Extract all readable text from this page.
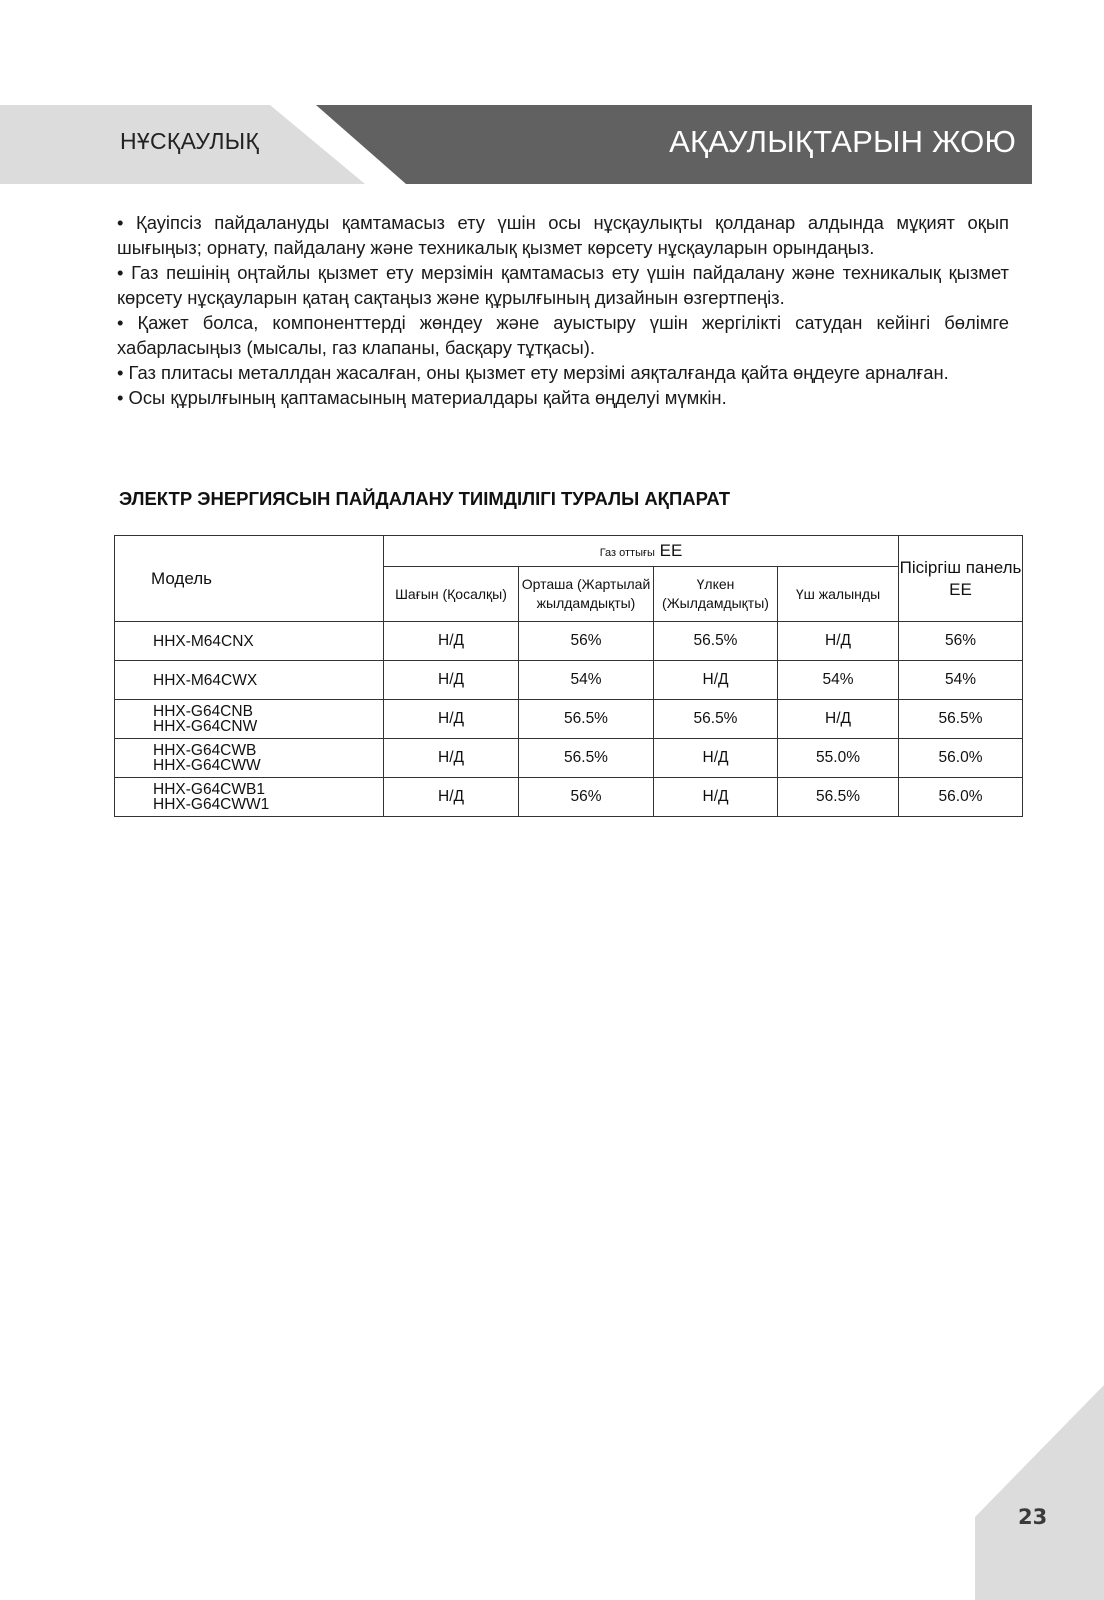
НҰСҚАУЛЫҚ	АҚАУЛЫҚТАРЫН ЖОЮ

• Қауіпсіз пайдалануды қамтамасыз ету үшін осы нұсқаулықты қолданар алдында мұқият оқып шығыңыз; орнату, пайдалану және техникалық қызмет көрсету нұсқауларын орындаңыз.

• Газ пешінің оңтайлы қызмет ету мерзімін қамтамасыз ету үшін пайдалану және техникалық қызмет көрсету нұсқауларын қатаң сақтаңыз және құрылғының дизайнын өзгертпеңіз.

• Қажет болса, компоненттерді жөндеу және ауыстыру үшін жергілікті сатудан кейінгі бөлімге хабарласыңыз (мысалы, газ клапаны, басқару тұтқасы).

• Газ плитасы металлдан жасалған, оны қызмет ету мерзімі аяқталғанда қайта өңдеуге арналған.

• Осы құрылғының қаптамасының материалдары қайта өңделуі мүмкін.

ЭЛЕКТР ЭНЕРГИЯСЫН ПАЙДАЛАНУ ТИІМДІЛІГІ ТУРАЛЫ АҚПАРАТ
Модель	Газ оттығы EE				Пісіргіш панель EE
	Шағын (Қосалқы)	Орташа (Жартылай жылдамдықты)	Үлкен (Жылдамдықты)	Үш жалынды	

HHX-M64CNX	Н/Д	56%	56.5%	Н/Д	56%

HHX-M64CWX	Н/Д	54%	Н/Д	54%	54%

HHX-G64CNB
HHX-G64CNW	Н/Д	56.5%	56.5%	Н/Д	56.5%

HHX-G64CWB
HHX-G64CWW	Н/Д	56.5%	Н/Д	55.0%	56.0%

HHX-G64CWB1
HHX-G64CWW1	Н/Д	56%	Н/Д	56.5%	56.0%
23
